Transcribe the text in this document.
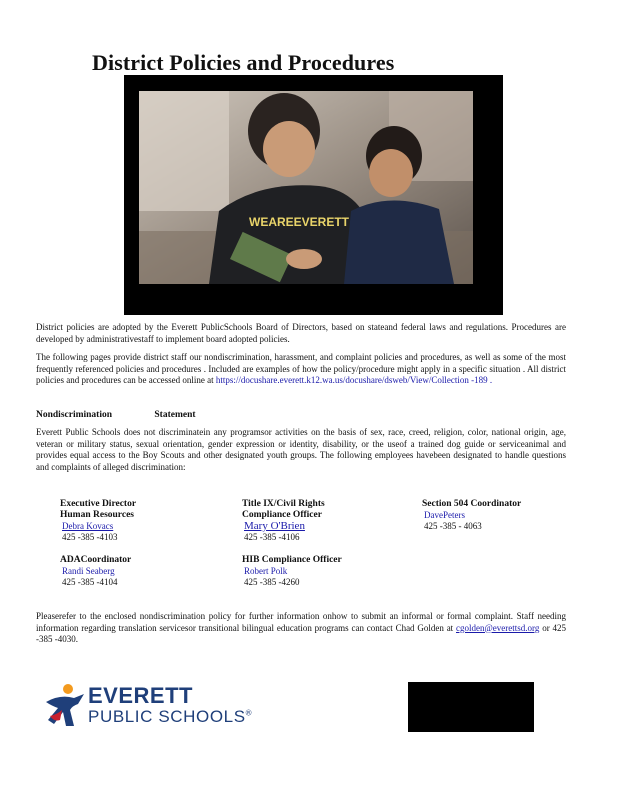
District Policies and Procedures
WEAREEVERETT
District policies are adopted by the Everett PublicSchools Board of Directors, based on stateand federal laws and regulations. Procedures are developed by administrativestaff to implement board adopted policies.
The following pages provide district staff our nondiscrimination, harassment, and complaint policies and procedures, as well as some of the most frequently referenced policies and procedures . Included are examples of how the policy/procedure might apply in a specific situation . All district policies and procedures can be accessed online at https://docushare.everett.k12.wa.us/docushare/dsweb/View/Collection -189 .
Nondiscrimination Statement
Everett Public Schools does not discriminatein any programsor activities on the basis of sex, race, creed, religion, color, national origin, age, veteran or military status, sexual orientation, gender expression or identity, disability, or the useof a trained dog guide or serviceanimal and provides equal access to the Boy Scouts and other designated youth groups. The following employees havebeen designated to handle questions and complaints of alleged discrimination:
Executive Director
Human Resources
Debra Kovacs
425 -385 -4103
Title IX/Civil Rights
Compliance Officer
Mary O'Brien
425 -385 -4106
Section 504 Coordinator
DavePeters
425 -385 - 4063
ADACoordinator
Randi Seaberg
425 -385 -4104
HIB Compliance Officer
Robert Polk
425 -385 -4260
Pleaserefer to the enclosed nondiscrimination policy for further information onhow to submit an informal or formal complaint. Staff needing information regarding translation servicesor transitional bilingual education programs can contact Chad Golden at cgolden@everettsd.org or 425 -385 -4030.
EVERETT
PUBLIC SCHOOLS®
